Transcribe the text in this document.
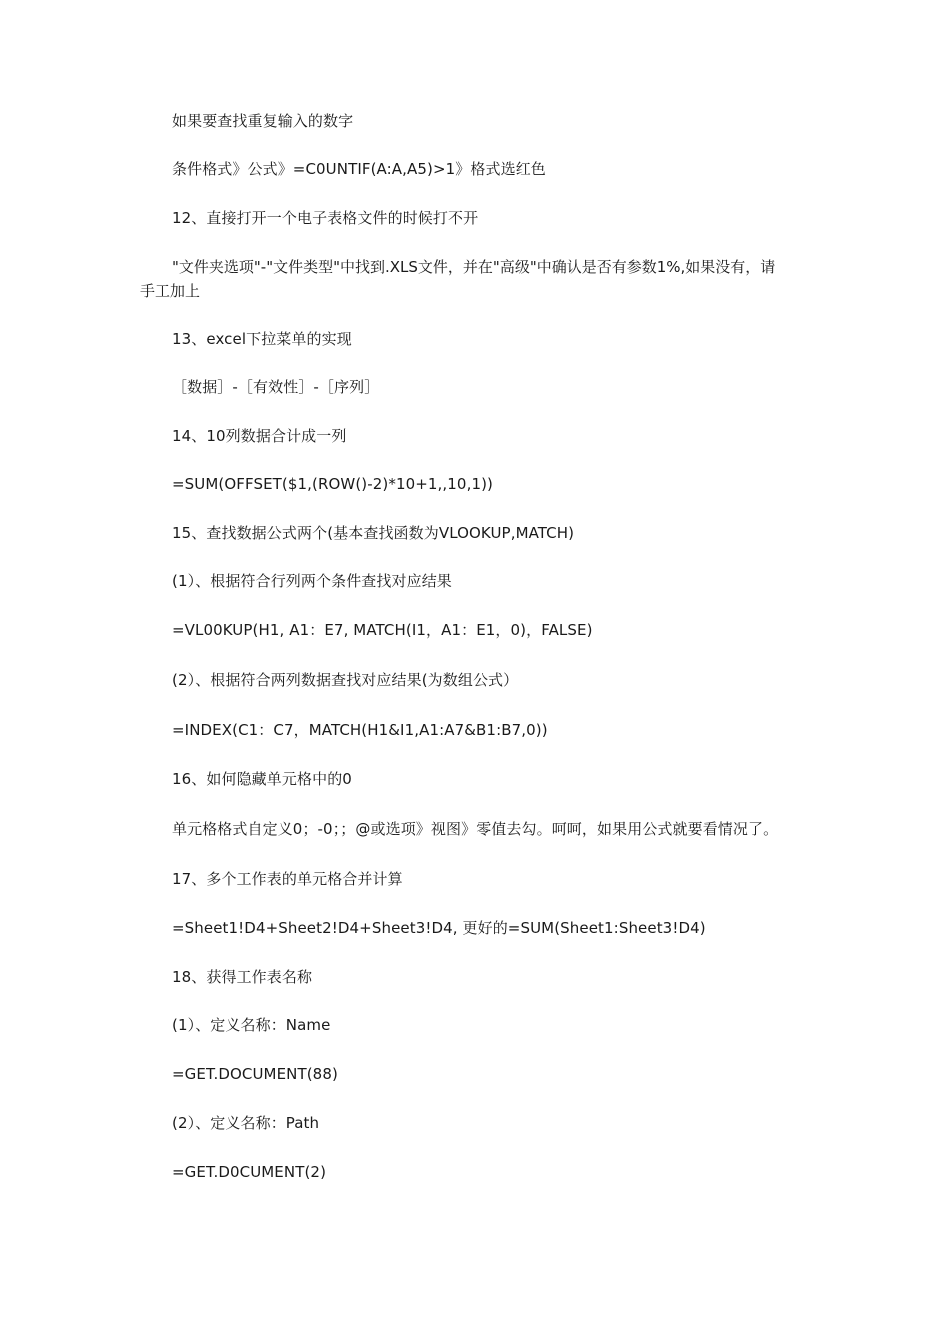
如果要查找重复输入的数字

条件格式》公式》=C0UNTIF(A:A,A5)>1》格式选红色

12、直接打开一个电子表格文件的时候打不开

"文件夹选项"-"文件类型"中找到.XLS文件，并在"高级"中确认是否有参数1%,如果没有，请
手工加上

13、excel下拉菜单的实现

［数据］-［有效性］-［序列］

14、10列数据合计成一列

=SUM(OFFSET($1,(ROW()-2)*10+1,,10,1))

15、查找数据公式两个(基本查找函数为VLOOKUP,MATCH)

(1）、根据符合行列两个条件查找对应结果

=VL00KUP(H1, A1：E7, MATCH(I1，A1：E1，0)，FALSE)

(2）、根据符合两列数据查找对应结果(为数组公式）

=INDEX(C1：C7，MATCH(H1&I1,A1:A7&B1:B7,0))

16、如何隐藏单元格中的0

单元格格式自定义0；-0；；@或选项》视图》零值去勾。呵呵，如果用公式就要看情况了。

17、多个工作表的单元格合并计算

=Sheet1!D4+Sheet2!D4+Sheet3!D4, 更好的=SUM(Sheet1:Sheet3!D4)

18、获得工作表名称

(1）、定义名称：Name

=GET.DOCUMENT(88)

(2）、定义名称：Path

=GET.D0CUMENT(2)
